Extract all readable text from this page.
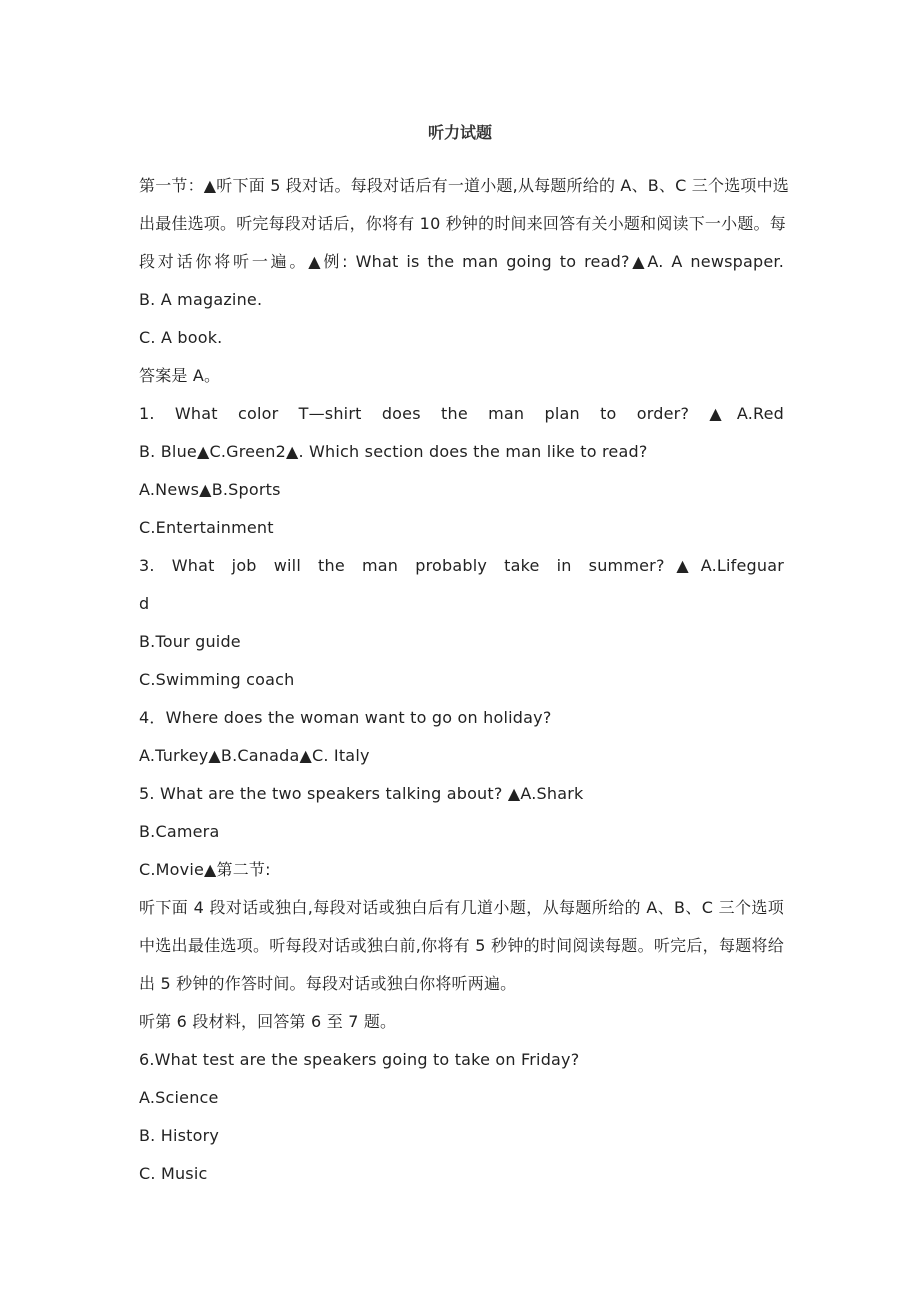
听力试题
第一节：▲听下面 5 段对话。每段对话后有一道小题,从每题所给的 A、B、C 三个选项中选
出最佳选项。听完每段对话后，你将有 10 秒钟的时间来回答有关小题和阅读下一小题。每
段对话你将听一遍。▲例: What is the man going to read?▲A. A newspaper.
B. A magazine.
C. A book.
答案是 A。
1. What color T—shirt does the man plan to order? ▲A.Red
B. Blue▲C.Green2▲. Which section does the man like to read?
A.News▲B.Sports
C.Entertainment
3. What job will the man probably take in summer?▲A.Lifeguar
d
B.Tour guide
C.Swimming coach
4．Where does the woman want to go on holiday?
A.Turkey▲B.Canada▲C. Italy
5. What are the two speakers talking about? ▲A.Shark
B.Camera
C.Movie▲第二节:
听下面 4 段对话或独白,每段对话或独白后有几道小题，从每题所给的 A、B、C 三个选项
中选出最佳选项。听每段对话或独白前,你将有 5 秒钟的时间阅读每题。听完后，每题将给
出 5 秒钟的作答时间。每段对话或独白你将听两遍。
听第 6 段材料，回答第 6 至 7 题。
6.What test are the speakers going to take on Friday?
A.Science
B. History
C. Music
